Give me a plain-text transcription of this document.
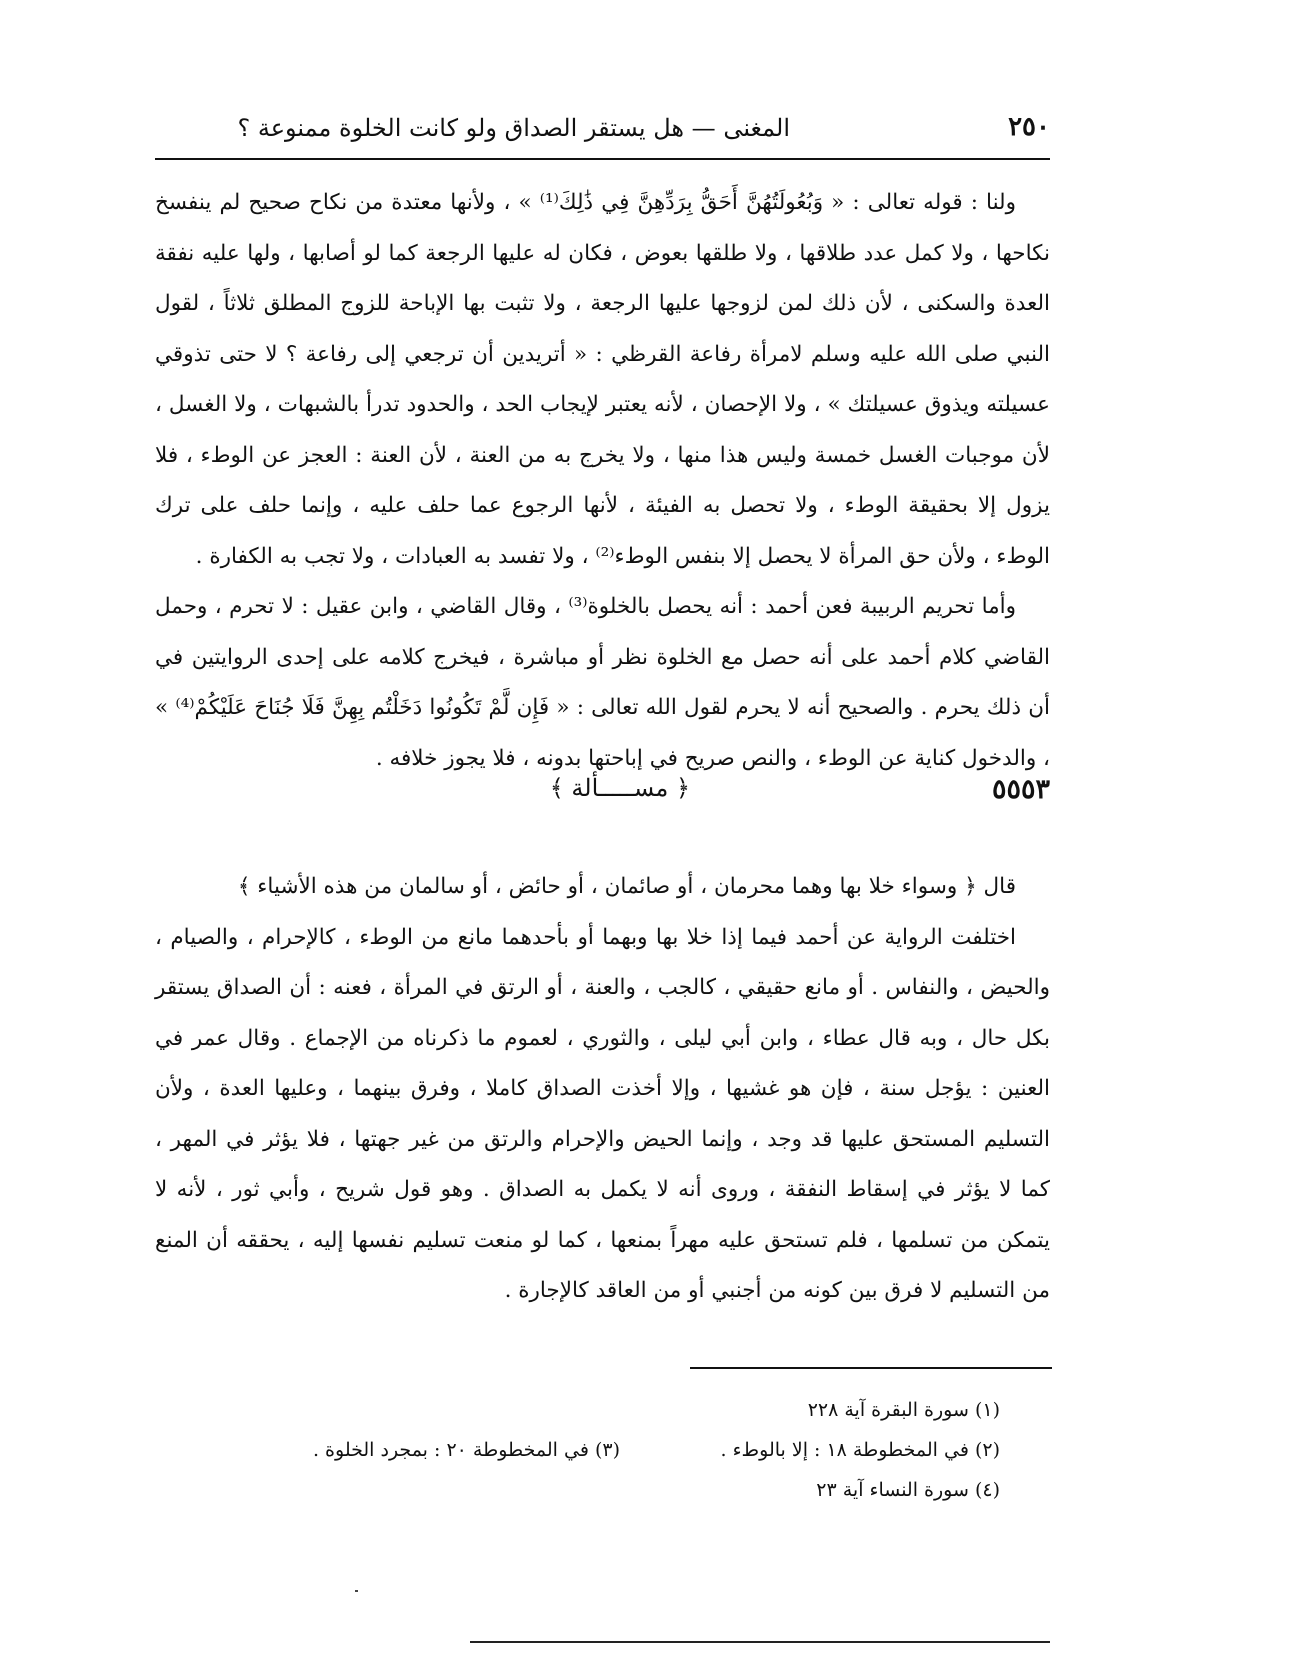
٢٥٠
المغنى — هل يستقر الصداق ولو كانت الخلوة ممنوعة ؟

ولنا : قوله تعالى : « وَبُعُولَتُهُنَّ أَحَقُّ بِرَدِّهِنَّ فِي ذَٰلِكَ⁽¹⁾ » ، ولأنها معتدة من نكاح صحيح لم ينفسخ نكاحها ، ولا كمل عدد طلاقها ، ولا طلقها بعوض ، فكان له عليها الرجعة كما لو أصابها ، ولها عليه نفقة العدة والسكنى ، لأن ذلك لمن لزوجها عليها الرجعة ، ولا تثبت بها الإباحة للزوج المطلق ثلاثاً ، لقول النبي صلى الله عليه وسلم لامرأة رفاعة القرظي : « أتريدين أن ترجعي إلى رفاعة ؟ لا حتى تذوقي عسيلته ويذوق عسيلتك » ، ولا الإحصان ، لأنه يعتبر لإيجاب الحد ، والحدود تدرأ بالشبهات ، ولا الغسل ، لأن موجبات الغسل خمسة وليس هذا منها ، ولا يخرج به من العنة ، لأن العنة : العجز عن الوطء ، فلا يزول إلا بحقيقة الوطء ، ولا تحصل به الفيئة ، لأنها الرجوع عما حلف عليه ، وإنما حلف على ترك الوطء ، ولأن حق المرأة لا يحصل إلا بنفس الوطء⁽²⁾ ، ولا تفسد به العبادات ، ولا تجب به الكفارة .

وأما تحريم الربيبة فعن أحمد : أنه يحصل بالخلوة⁽³⁾ ، وقال القاضي ، وابن عقيل : لا تحرم ، وحمل القاضي كلام أحمد على أنه حصل مع الخلوة نظر أو مباشرة ، فيخرج كلامه على إحدى الروايتين في أن ذلك يحرم . والصحيح أنه لا يحرم لقول الله تعالى : « فَإِن لَّمْ تَكُونُوا دَخَلْتُم بِهِنَّ فَلَا جُنَاحَ عَلَيْكُمْ⁽⁴⁾ » ، والدخول كناية عن الوطء ، والنص صريح في إباحتها بدونه ، فلا يجوز خلافه .

٥٥٥٣
﴿ مســـــألة ﴾

قال ﴿ وسواء خلا بها وهما محرمان ، أو صائمان ، أو حائض ، أو سالمان من هذه الأشياء ﴾

اختلفت الرواية عن أحمد فيما إذا خلا بها وبهما أو بأحدهما مانع من الوطء ، كالإحرام ، والصيام ، والحيض ، والنفاس . أو مانع حقيقي ، كالجب ، والعنة ، أو الرتق في المرأة ، فعنه : أن الصداق يستقر بكل حال ، وبه قال عطاء ، وابن أبي ليلى ، والثوري ، لعموم ما ذكرناه من الإجماع . وقال عمر في العنين : يؤجل سنة ، فإن هو غشيها ، وإلا أخذت الصداق كاملا ، وفرق بينهما ، وعليها العدة ، ولأن التسليم المستحق عليها قد وجد ، وإنما الحيض والإحرام والرتق من غير جهتها ، فلا يؤثر في المهر ، كما لا يؤثر في إسقاط النفقة ، وروى أنه لا يكمل به الصداق . وهو قول شريح ، وأبي ثور ، لأنه لا يتمكن من تسلمها ، فلم تستحق عليه مهراً بمنعها ، كما لو منعت تسليم نفسها إليه ، يحققه أن المنع من التسليم لا فرق بين كونه من أجنبي أو من العاقد كالإجارة .

(١) سورة البقرة آية ٢٢٨
(٢) في المخطوطة ١٨ : إلا بالوطء .
(٣) في المخطوطة ٢٠ : بمجرد الخلوة .
(٤) سورة النساء آية ٢٣
